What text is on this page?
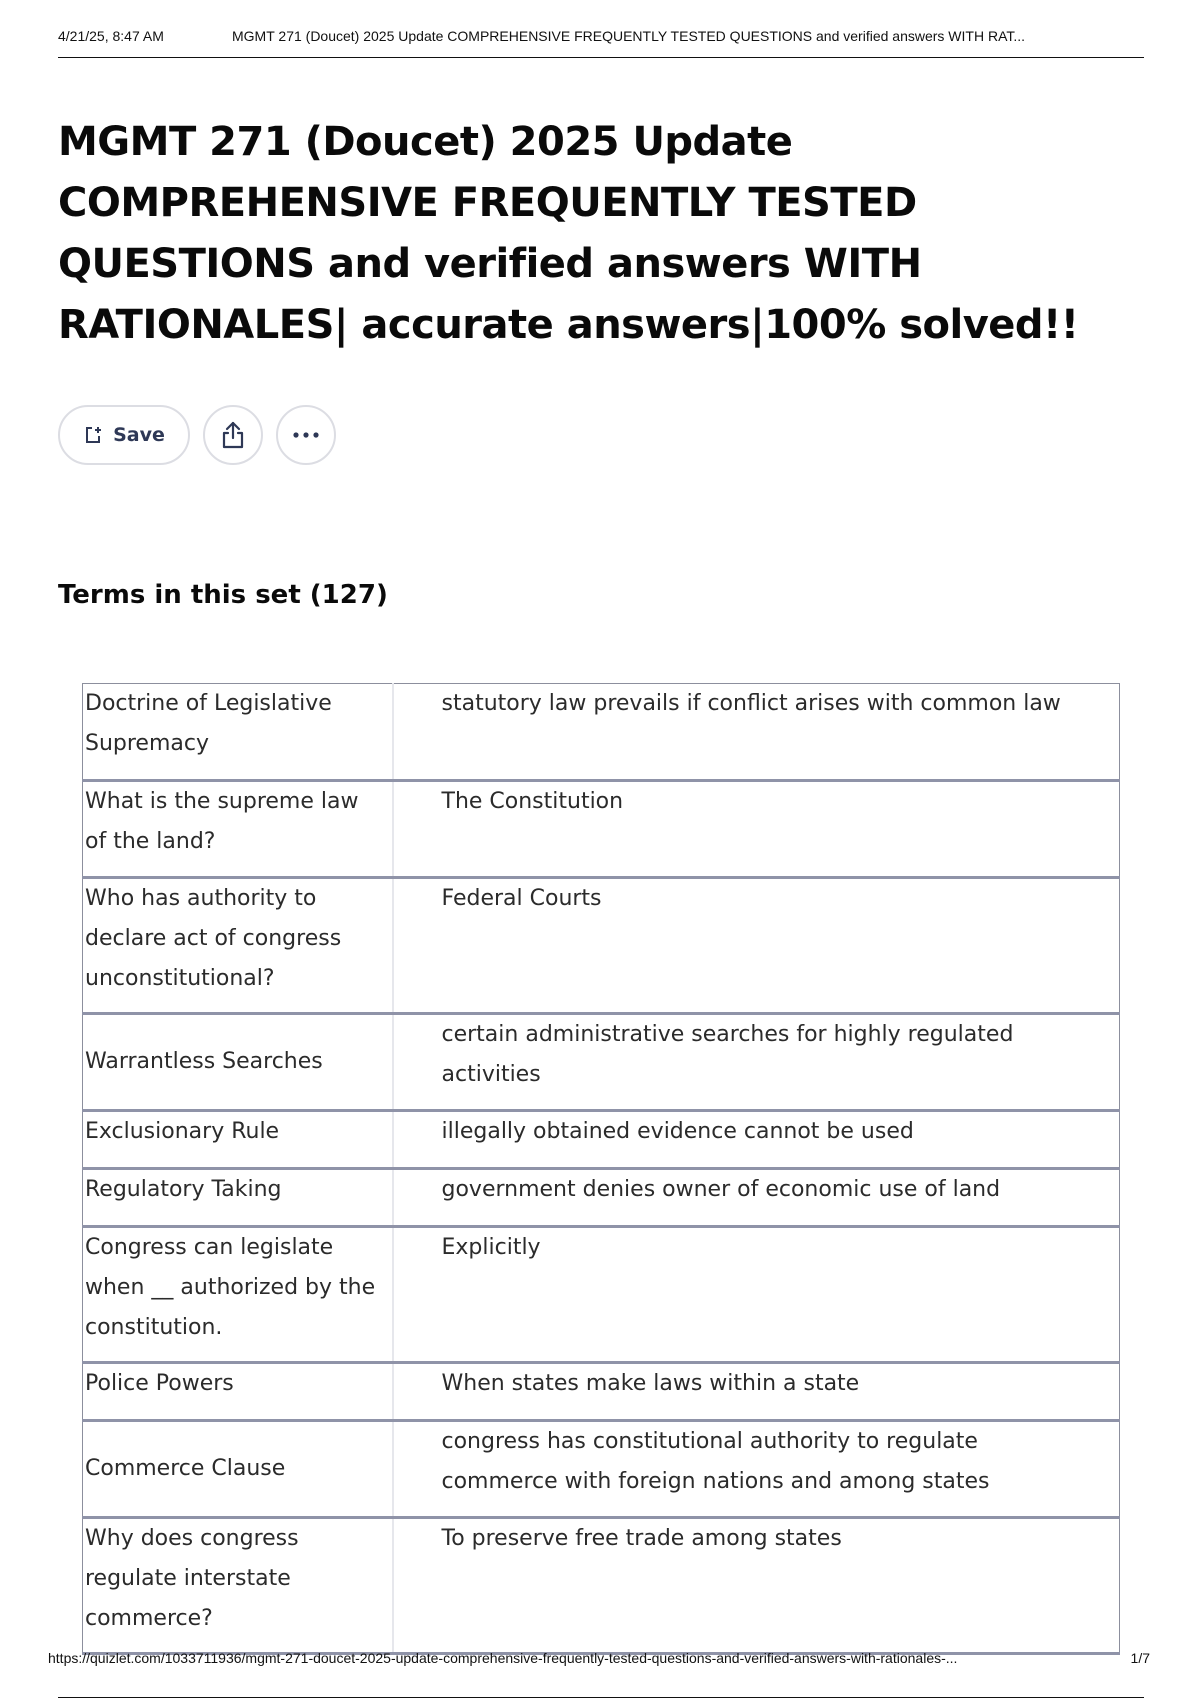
4/21/25, 8:47 AM	MGMT 271 (Doucet) 2025 Update COMPREHENSIVE FREQUENTLY TESTED QUESTIONS and verified answers WITH RAT...
MGMT 271 (Doucet) 2025 Update COMPREHENSIVE FREQUENTLY TESTED QUESTIONS and verified answers WITH RATIONALES| accurate answers|100% solved!!
Save
Terms in this set (127)
Doctrine of Legislative Supremacy	statutory law prevails if conflict arises with common law
What is the supreme law of the land?	The Constitution
Who has authority to declare act of congress unconstitutional?	Federal Courts
Warrantless Searches	certain administrative searches for highly regulated activities
Exclusionary Rule	illegally obtained evidence cannot be used
Regulatory Taking	government denies owner of economic use of land
Congress can legislate when __ authorized by the constitution.	Explicitly
Police Powers	When states make laws within a state
Commerce Clause	congress has constitutional authority to regulate commerce with foreign nations and among states
Why does congress regulate interstate commerce?	To preserve free trade among states
https://quizlet.com/1033711936/mgmt-271-doucet-2025-update-comprehensive-frequently-tested-questions-and-verified-answers-with-rationales-...	1/7
